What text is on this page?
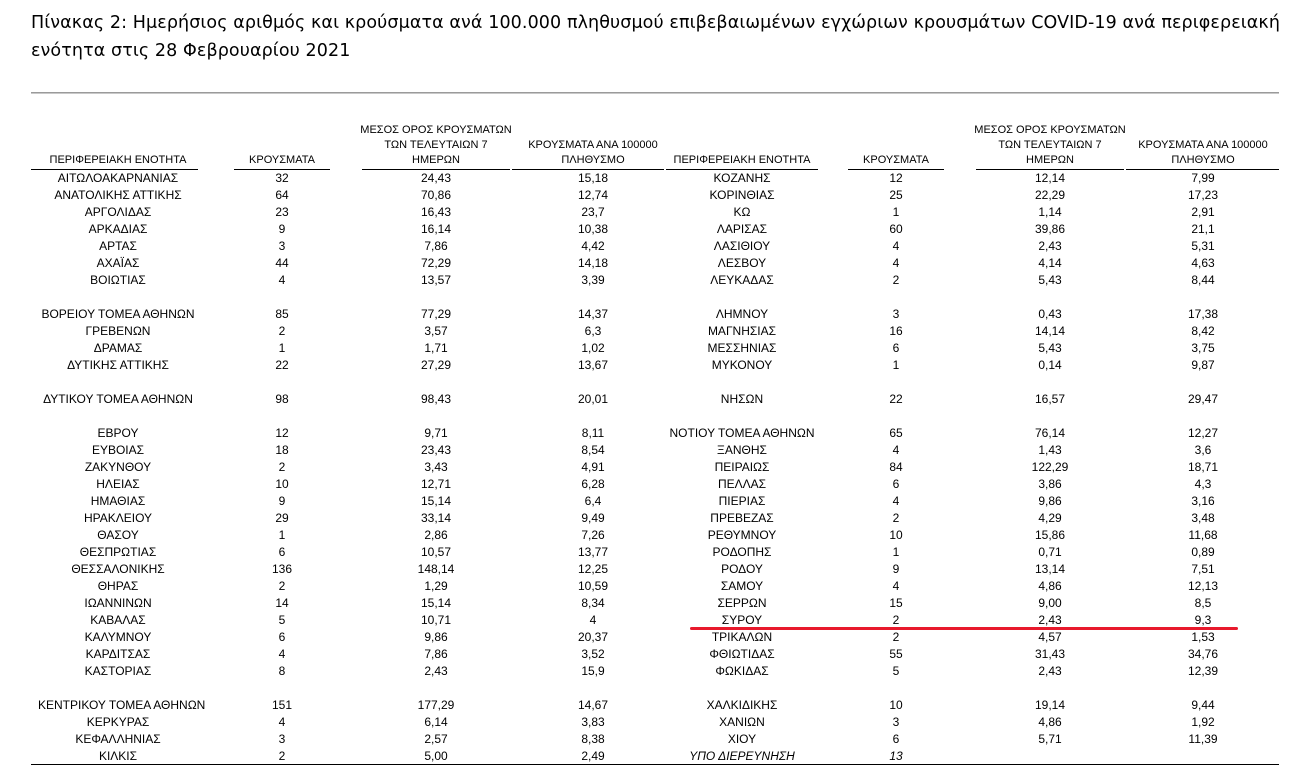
Πίνακας 2: Ημερήσιος αριθμός και κρούσματα ανά 100.000 πληθυσμού επιβεβαιωμένων εγχώριων κρουσμάτων COVID-19 ανά περιφερειακή ενότητα στις 28 Φεβρουαρίου 2021
ΠΕΡΙΦΕΡΕΙΑΚΗ ΕΝΟΤΗΤΑ	ΚΡΟΥΣΜΑΤΑ
ΜΕΣΟΣ ΟΡΟΣ ΚΡΟΥΣΜΑΤΩΝ
ΤΩΝ ΤΕΛΕΥΤΑΙΩΝ 7
ΗΜΕΡΩΝ
ΚΡΟΥΣΜΑΤΑ ΑΝΑ 100000
ΠΛΗΘΥΣΜΟ	ΠΕΡΙΦΕΡΕΙΑΚΗ ΕΝΟΤΗΤΑ	ΚΡΟΥΣΜΑΤΑ
ΜΕΣΟΣ ΟΡΟΣ ΚΡΟΥΣΜΑΤΩΝ
ΤΩΝ ΤΕΛΕΥΤΑΙΩΝ 7
ΗΜΕΡΩΝ
ΚΡΟΥΣΜΑΤΑ ΑΝΑ 100000
ΠΛΗΘΥΣΜΟ
ΑΙΤΩΛΟΑΚΑΡΝΑΝΙΑΣ	32	24,43	15,18
ΑΝΑΤΟΛΙΚΗΣ ΑΤΤΙΚΗΣ	64	70,86	12,74
ΑΡΓΟΛΙΔΑΣ	23	16,43	23,7
ΑΡΚΑΔΙΑΣ	9	16,14	10,38
ΑΡΤΑΣ	3	7,86	4,42
ΑΧΑΪΑΣ	44	72,29	14,18
ΒΟΙΩΤΙΑΣ	4	13,57	3,39
ΒΟΡΕΙΟΥ ΤΟΜΕΑ ΑΘΗΝΩΝ	85	77,29	14,37
ΓΡΕΒΕΝΩΝ	2	3,57	6,3
ΔΡΑΜΑΣ	1	1,71	1,02
ΔΥΤΙΚΗΣ ΑΤΤΙΚΗΣ	22	27,29	13,67
ΔΥΤΙΚΟΥ ΤΟΜΕΑ ΑΘΗΝΩΝ	98	98,43	20,01
ΕΒΡΟΥ	12	9,71	8,11
ΕΥΒΟΙΑΣ	18	23,43	8,54
ΖΑΚΥΝΘΟΥ	2	3,43	4,91
ΗΛΕΙΑΣ	10	12,71	6,28
ΗΜΑΘΙΑΣ	9	15,14	6,4
ΗΡΑΚΛΕΙΟΥ	29	33,14	9,49
ΘΑΣΟΥ	1	2,86	7,26
ΘΕΣΠΡΩΤΙΑΣ	6	10,57	13,77
ΘΕΣΣΑΛΟΝΙΚΗΣ	136	148,14	12,25
ΘΗΡΑΣ	2	1,29	10,59
ΙΩΑΝΝΙΝΩΝ	14	15,14	8,34
ΚΑΒΑΛΑΣ	5	10,71	4
ΚΑΛΥΜΝΟΥ	6	9,86	20,37
ΚΑΡΔΙΤΣΑΣ	4	7,86	3,52
ΚΑΣΤΟΡΙΑΣ	8	2,43	15,9
ΚΕΝΤΡΙΚΟΥ ΤΟΜΕΑ ΑΘΗΝΩΝ	151	177,29	14,67
ΚΕΡΚΥΡΑΣ	4	6,14	3,83
ΚΕΦΑΛΛΗΝΙΑΣ	3	2,57	8,38
ΚΙΛΚΙΣ	2	5,00	2,49
ΚΟΖΑΝΗΣ	12	12,14	7,99
ΚΟΡΙΝΘΙΑΣ	25	22,29	17,23
ΚΩ	1	1,14	2,91
ΛΑΡΙΣΑΣ	60	39,86	21,1
ΛΑΣΙΘΙΟΥ	4	2,43	5,31
ΛΕΣΒΟΥ	4	4,14	4,63
ΛΕΥΚΑΔΑΣ	2	5,43	8,44
ΛΗΜΝΟΥ	3	0,43	17,38
ΜΑΓΝΗΣΙΑΣ	16	14,14	8,42
ΜΕΣΣΗΝΙΑΣ	6	5,43	3,75
ΜΥΚΟΝΟΥ	1	0,14	9,87
ΝΗΣΩΝ	22	16,57	29,47
ΝΟΤΙΟΥ ΤΟΜΕΑ ΑΘΗΝΩΝ	65	76,14	12,27
ΞΑΝΘΗΣ	4	1,43	3,6
ΠΕΙΡΑΙΩΣ	84	122,29	18,71
ΠΕΛΛΑΣ	6	3,86	4,3
ΠΙΕΡΙΑΣ	4	9,86	3,16
ΠΡΕΒΕΖΑΣ	2	4,29	3,48
ΡΕΘΥΜΝΟΥ	10	15,86	11,68
ΡΟΔΟΠΗΣ	1	0,71	0,89
ΡΟΔΟΥ	9	13,14	7,51
ΣΑΜΟΥ	4	4,86	12,13
ΣΕΡΡΩΝ	15	9,00	8,5
ΣΥΡΟΥ	2	2,43	9,3
ΤΡΙΚΑΛΩΝ	2	4,57	1,53
ΦΘΙΩΤΙΔΑΣ	55	31,43	34,76
ΦΩΚΙΔΑΣ	5	2,43	12,39
ΧΑΛΚΙΔΙΚΗΣ	10	19,14	9,44
ΧΑΝΙΩΝ	3	4,86	1,92
ΧΙΟΥ	6	5,71	11,39
ΥΠΟ ΔΙΕΡΕΥΝΗΣΗ	13
